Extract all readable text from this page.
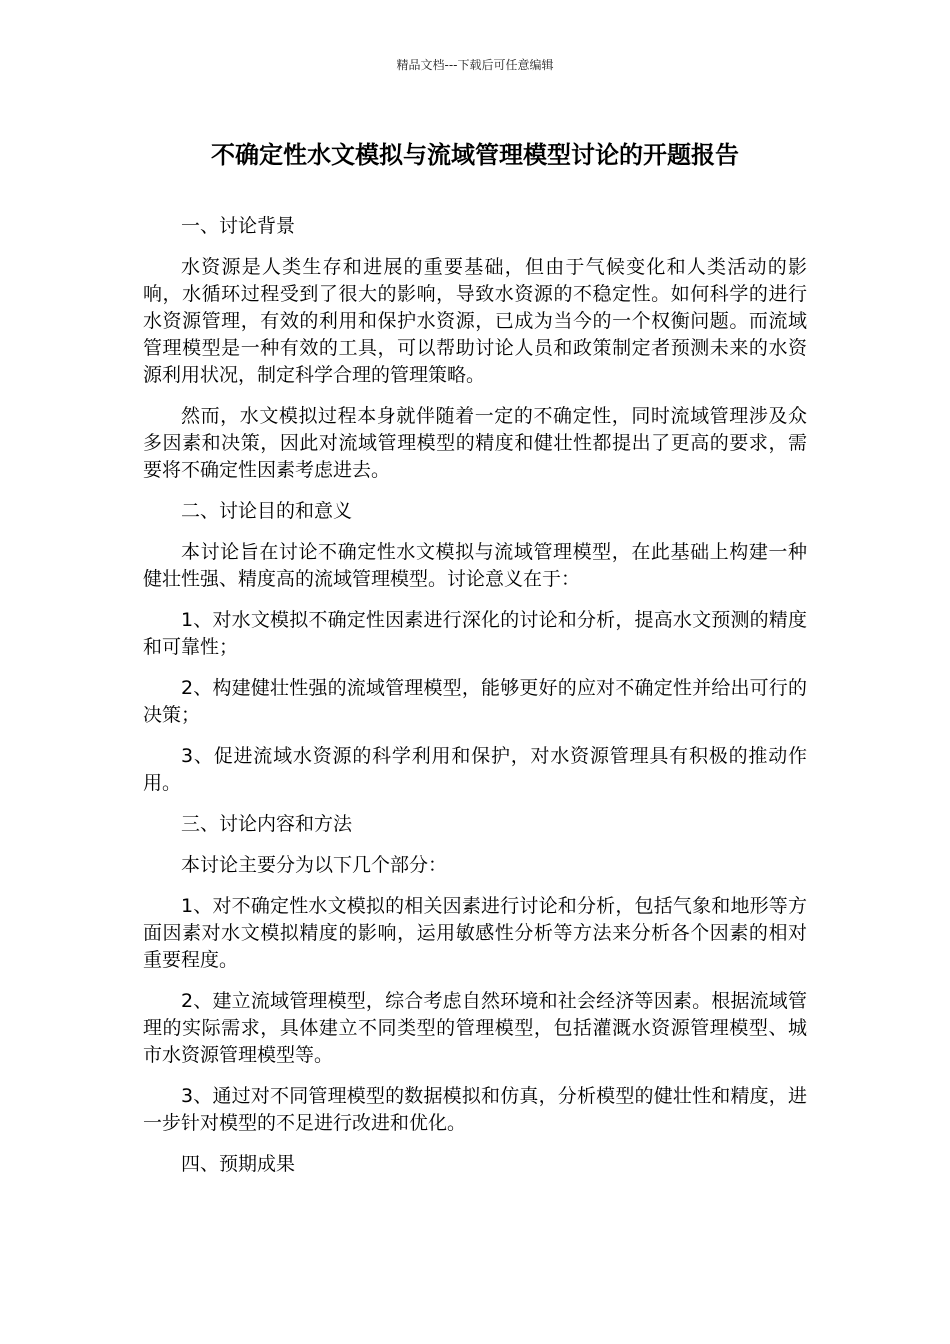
精品文档---下载后可任意编辑
不确定性水文模拟与流域管理模型讨论的开题报告

一、讨论背景

水资源是人类生存和进展的重要基础，但由于气候变化和人类活动的影响，水循环过程受到了很大的影响，导致水资源的不稳定性。如何科学的进行水资源管理，有效的利用和保护水资源，已成为当今的一个权衡问题。而流域管理模型是一种有效的工具，可以帮助讨论人员和政策制定者预测未来的水资源利用状况，制定科学合理的管理策略。

然而，水文模拟过程本身就伴随着一定的不确定性，同时流域管理涉及众多因素和决策，因此对流域管理模型的精度和健壮性都提出了更高的要求，需要将不确定性因素考虑进去。

二、讨论目的和意义

本讨论旨在讨论不确定性水文模拟与流域管理模型，在此基础上构建一种健壮性强、精度高的流域管理模型。讨论意义在于：

1、对水文模拟不确定性因素进行深化的讨论和分析，提高水文预测的精度和可靠性；

2、构建健壮性强的流域管理模型，能够更好的应对不确定性并给出可行的决策；

3、促进流域水资源的科学利用和保护，对水资源管理具有积极的推动作用。

三、讨论内容和方法

本讨论主要分为以下几个部分：

1、对不确定性水文模拟的相关因素进行讨论和分析，包括气象和地形等方面因素对水文模拟精度的影响，运用敏感性分析等方法来分析各个因素的相对重要程度。

2、建立流域管理模型，综合考虑自然环境和社会经济等因素。根据流域管理的实际需求，具体建立不同类型的管理模型，包括灌溉水资源管理模型、城市水资源管理模型等。

3、通过对不同管理模型的数据模拟和仿真，分析模型的健壮性和精度，进一步针对模型的不足进行改进和优化。

四、预期成果
